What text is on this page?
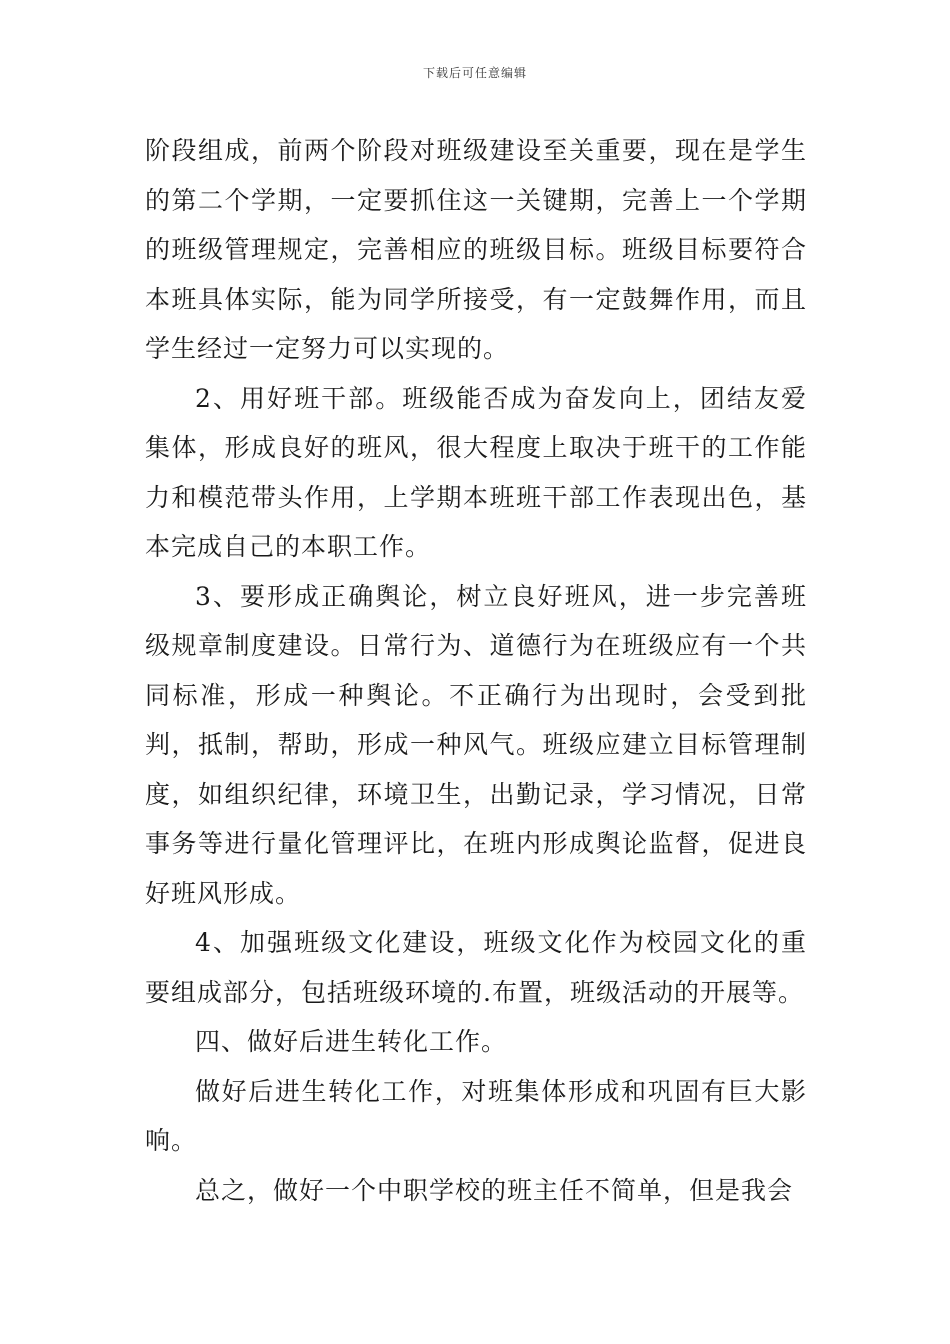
下载后可任意编辑

阶段组成，前两个阶段对班级建设至关重要，现在是学生的第二个学期，一定要抓住这一关键期，完善上一个学期的班级管理规定，完善相应的班级目标。班级目标要符合本班具体实际，能为同学所接受，有一定鼓舞作用，而且学生经过一定努力可以实现的。

2、用好班干部。班级能否成为奋发向上，团结友爱集体，形成良好的班风，很大程度上取决于班干的工作能力和模范带头作用，上学期本班班干部工作表现出色，基本完成自己的本职工作。

3、要形成正确舆论，树立良好班风，进一步完善班级规章制度建设。日常行为、道德行为在班级应有一个共同标准，形成一种舆论。不正确行为出现时，会受到批判，抵制，帮助，形成一种风气。班级应建立目标管理制度，如组织纪律，环境卫生，出勤记录，学习情况，日常事务等进行量化管理评比，在班内形成舆论监督，促进良好班风形成。

4、加强班级文化建设，班级文化作为校园文化的重要组成部分，包括班级环境的.布置，班级活动的开展等。

四、做好后进生转化工作。

做好后进生转化工作，对班集体形成和巩固有巨大影响。

总之，做好一个中职学校的班主任不简单，但是我会
